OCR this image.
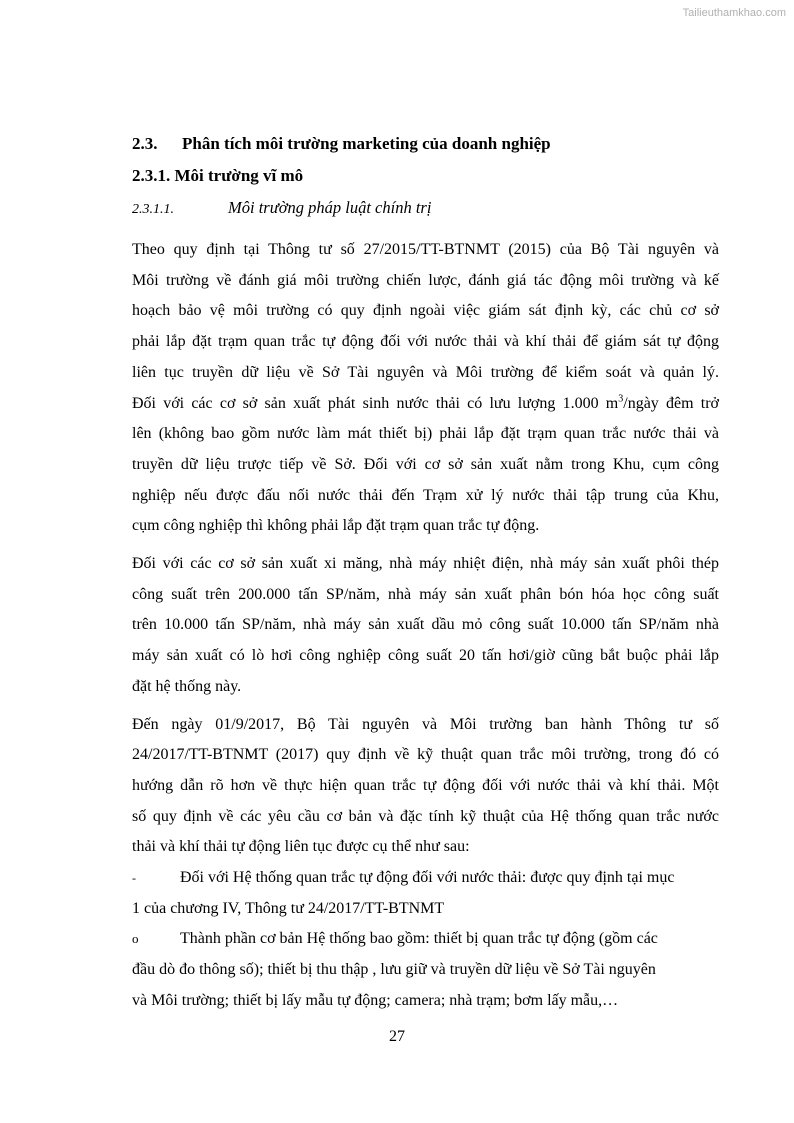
Tailieuthamkhao.com

2.3. Phân tích môi trường marketing của doanh nghiệp

2.3.1. Môi trường vĩ mô

2.3.1.1.	Môi trường pháp luật chính trị

Theo quy định tại Thông tư số 27/2015/TT-BTNMT (2015) của Bộ Tài nguyên và
Môi trường về đánh giá môi trường chiến lược, đánh giá tác động môi trường và kế
hoạch bảo vệ môi trường có quy định ngoài việc giám sát định kỳ, các chủ cơ sở
phải lắp đặt trạm quan trắc tự động đối với nước thải và khí thải để giám sát tự động
liên tục truyền dữ liệu về Sở Tài nguyên và Môi trường để kiểm soát và quản lý.
Đối với các cơ sở sản xuất phát sinh nước thải có lưu lượng 1.000 $m^3$/ngày đêm trở
lên (không bao gồm nước làm mát thiết bị) phải lắp đặt trạm quan trắc nước thải và
truyền dữ liệu trược tiếp về Sở. Đối với cơ sở sản xuất nằm trong Khu, cụm công
nghiệp nếu được đấu nối nước thải đến Trạm xử lý nước thải tập trung của Khu,
cụm công nghiệp thì không phải lắp đặt trạm quan trắc tự động.
Đối với các cơ sở sản xuất xi măng, nhà máy nhiệt điện, nhà máy sản xuất phôi thép
công suất trên 200.000 tấn SP/năm, nhà máy sản xuất phân bón hóa học công suất
trên 10.000 tấn SP/năm, nhà máy sản xuất dầu mỏ công suất 10.000 tấn SP/năm nhà
máy sản xuất có lò hơi công nghiệp công suất 20 tấn hơi/giờ cũng bắt buộc phải lắp
đặt hệ thống này.
Đến ngày 01/9/2017, Bộ Tài nguyên và Môi trường ban hành Thông tư số
24/2017/TT-BTNMT (2017) quy định về kỹ thuật quan trắc môi trường, trong đó có
hướng dẫn rõ hơn về thực hiện quan trắc tự động đối với nước thải và khí thải. Một
số quy định về các yêu cầu cơ bản và đặc tính kỹ thuật của Hệ thống quan trắc nước
thải và khí thải tự động liên tục được cụ thể như sau:
-	Đối với Hệ thống quan trắc tự động đối với nước thải: được quy định tại mục
1 của chương IV, Thông tư 24/2017/TT-BTNMT
o	Thành phần cơ bản Hệ thống bao gồm: thiết bị quan trắc tự động (gồm các
đầu dò đo thông số); thiết bị thu thập , lưu giữ và truyền dữ liệu về Sở Tài nguyên
và Môi trường; thiết bị lấy mẫu tự động; camera; nhà trạm; bơm lấy mẫu,…
27
